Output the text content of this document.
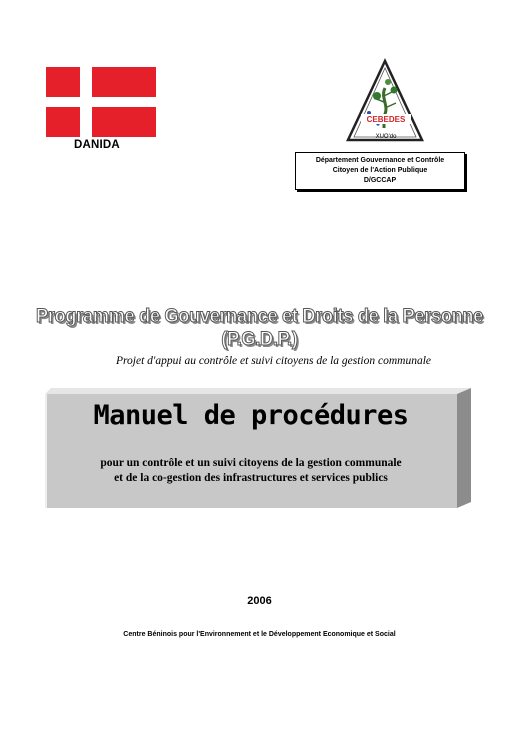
DANIDA
CEBEDES
XUO'do
Département Gouvernance et Contrôle
Citoyen de l'Action Publique
D/GCCAP
Programme de Gouvernance et Droits de la Personne (P.G.D.P.)
Projet d'appui au contrôle et suivi citoyens de la gestion communale
Manuel de procédures
pour un contrôle et un suivi citoyens de la gestion communale
et de la co-gestion des infrastructures et services publics
2006
Centre Béninois pour l'Environnement et le Développement Economique et Social
